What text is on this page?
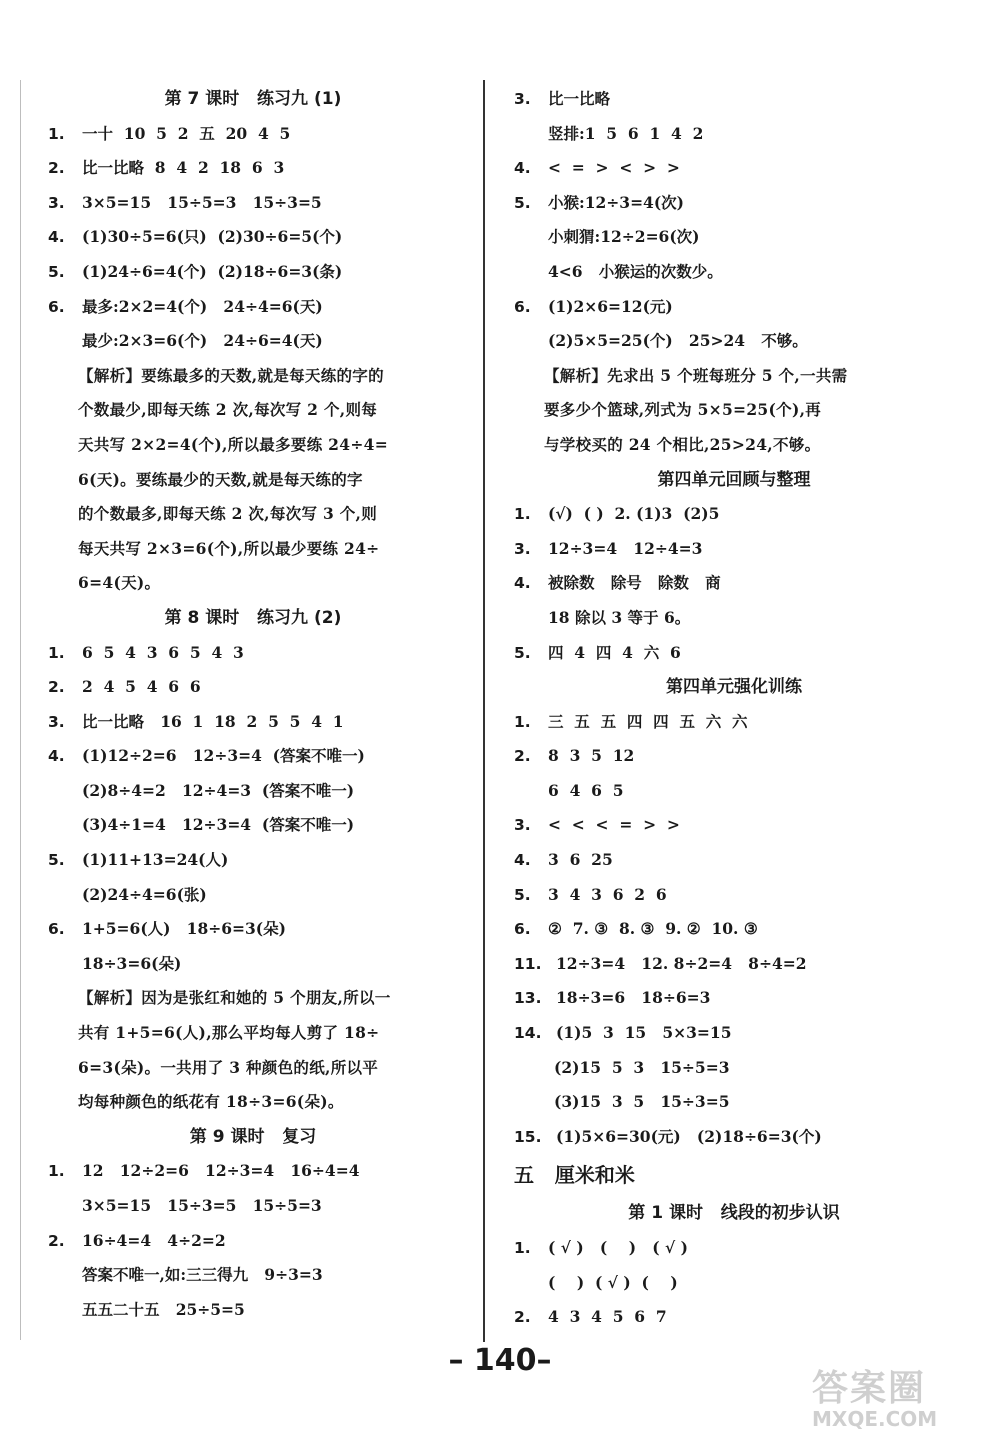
第 7 课时   练习九 (1)
1. 一十  10  5  2  五  20  4  5
2. 比一比略  8  4  2  18  6  3
3. 3×5=15   15÷5=3   15÷3=5
4. (1)30÷5=6(只)  (2)30÷6=5(个)
5. (1)24÷6=4(个)  (2)18÷6=3(条)
6. 最多:2×2=4(个)   24÷4=6(天)
最少:2×3=6(个)   24÷6=4(天)
【解析】要练最多的天数,就是每天练的字的
个数最少,即每天练 2 次,每次写 2 个,则每
天共写 2×2=4(个),所以最多要练 24÷4=
6(天)。要练最少的天数,就是每天练的字
的个数最多,即每天练 2 次,每次写 3 个,则
每天共写 2×3=6(个),所以最少要练 24÷
6=4(天)。
第 8 课时   练习九 (2)
1. 6  5  4  3  6  5  4  3
2. 2  4  5  4  6  6
3. 比一比略   16  1  18  2  5  5  4  1
4. (1)12÷2=6   12÷3=4  (答案不唯一)
(2)8÷4=2   12÷4=3  (答案不唯一)
(3)4÷1=4   12÷3=4  (答案不唯一)
5. (1)11+13=24(人)
(2)24÷4=6(张)
6. 1+5=6(人)   18÷6=3(朵)
18÷3=6(朵)
【解析】因为是张红和她的 5 个朋友,所以一
共有 1+5=6(人),那么平均每人剪了 18÷
6=3(朵)。一共用了 3 种颜色的纸,所以平
均每种颜色的纸花有 18÷3=6(朵)。
第 9 课时   复习
1. 12   12÷2=6   12÷3=4   16÷4=4
3×5=15   15÷3=5   15÷5=3
2. 16÷4=4   4÷2=2
答案不唯一,如:三三得九   9÷3=3
五五二十五   25÷5=5
3. 比一比略
竖排:1  5  6  1  4  2
4. <  =  >  <  >  >
5. 小猴:12÷3=4(次)
小刺猬:12÷2=6(次)
4<6   小猴运的次数少。
6. (1)2×6=12(元)
(2)5×5=25(个)   25>24   不够。
【解析】先求出 5 个班每班分 5 个,一共需
要多少个篮球,列式为 5×5=25(个),再
与学校买的 24 个相比,25>24,不够。
第四单元回顾与整理
1. (√)  ( )  2. (1)3  (2)5
3. 12÷3=4   12÷4=3
4. 被除数   除号   除数   商
18 除以 3 等于 6。
5. 四  4  四  4  六  6
第四单元强化训练
1. 三  五  五  四  四  五  六  六
2. 8  3  5  12
6  4  6  5
3. <  <  <  =  >  >
4. 3  6  25
5. 3  4  3  6  2  6
6. ②  7. ③  8. ③  9. ②  10. ③
11. 12÷3=4   12. 8÷2=4   8÷4=2
13. 18÷3=6   18÷6=3
14. (1)5  3  15   5×3=15
(2)15  5  3   15÷5=3
(3)15  3  5   15÷3=5
15. (1)5×6=30(元)   (2)18÷6=3(个)
五   厘米和米
第 1 课时   线段的初步认识
1. ( √ )   (    )   ( √ )
(    )  ( √ )  (    )
2. 4  3  4  5  6  7
– 140–
答案圈
MXQE.COM
